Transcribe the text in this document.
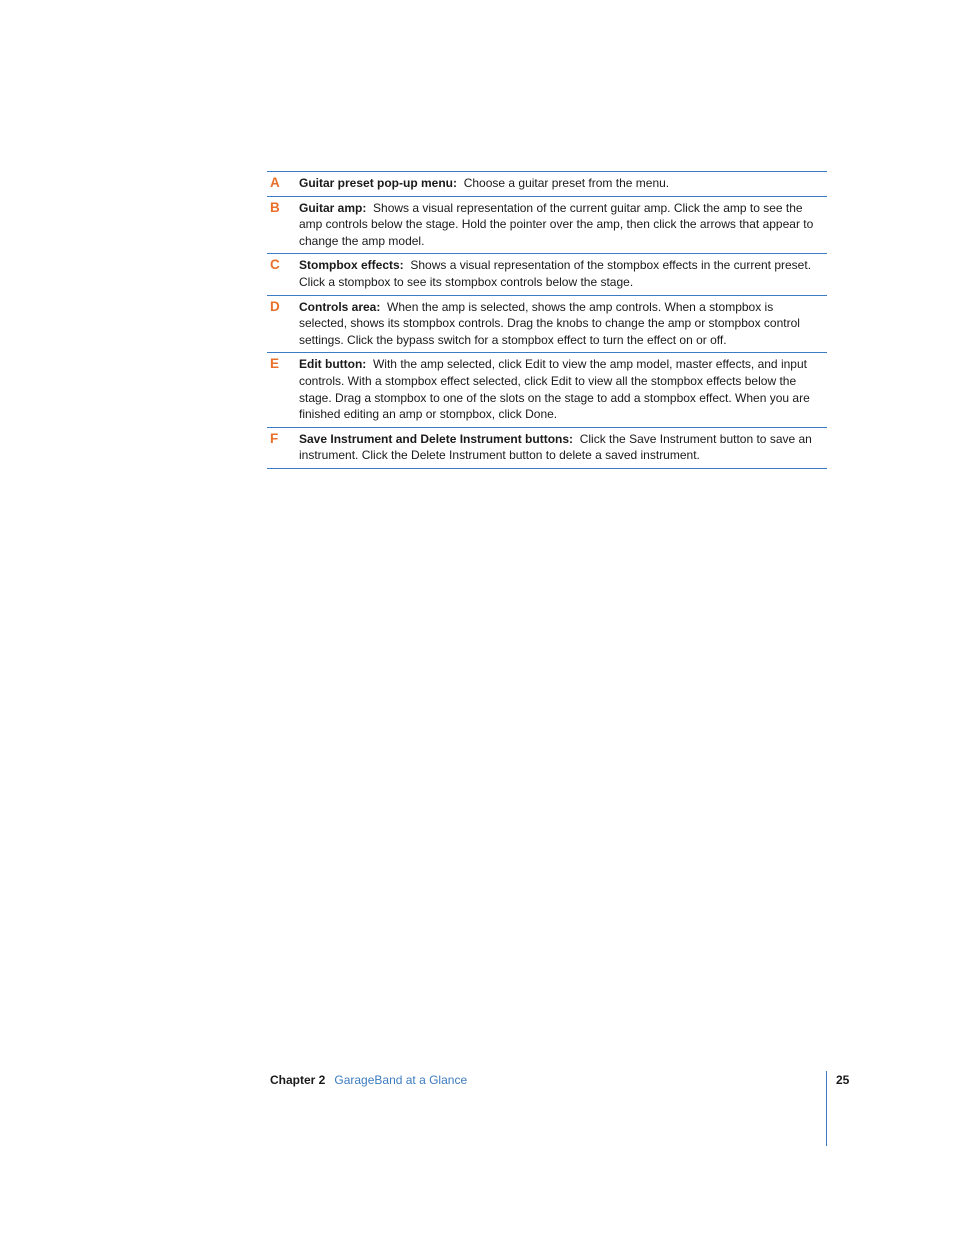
A	Guitar preset pop-up menu: Choose a guitar preset from the menu.
B	Guitar amp: Shows a visual representation of the current guitar amp. Click the amp to see the amp controls below the stage. Hold the pointer over the amp, then click the arrows that appear to change the amp model.
C	Stompbox effects: Shows a visual representation of the stompbox effects in the current preset. Click a stompbox to see its stompbox controls below the stage.
D	Controls area: When the amp is selected, shows the amp controls. When a stompbox is selected, shows its stompbox controls. Drag the knobs to change the amp or stompbox control settings. Click the bypass switch for a stompbox effect to turn the effect on or off.
E	Edit button: With the amp selected, click Edit to view the amp model, master effects, and input controls. With a stompbox effect selected, click Edit to view all the stompbox effects below the stage. Drag a stompbox to one of the slots on the stage to add a stompbox effect. When you are finished editing an amp or stompbox, click Done.
F	Save Instrument and Delete Instrument buttons: Click the Save Instrument button to save an instrument. Click the Delete Instrument button to delete a saved instrument.
Chapter 2 GarageBand at a Glance	25
